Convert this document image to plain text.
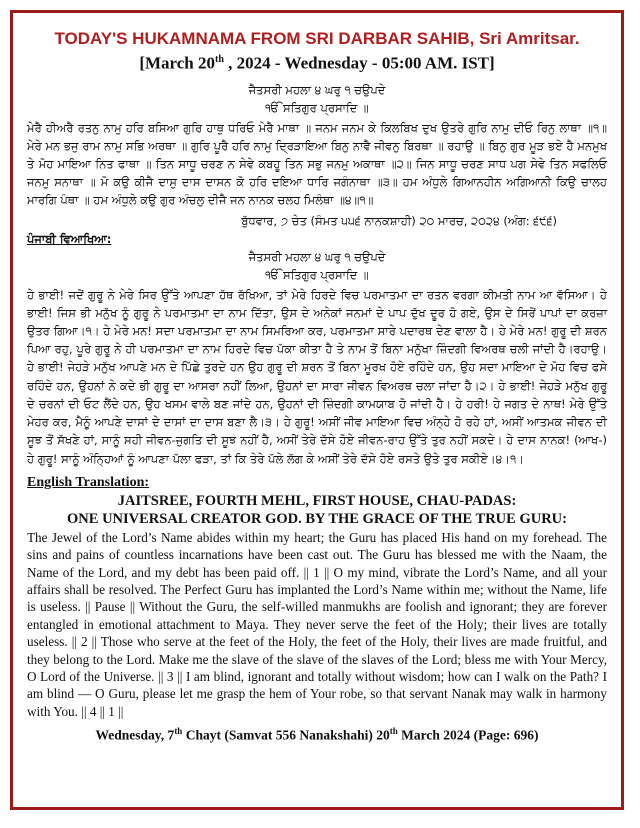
TODAY'S HUKAMNAMA FROM SRI DARBAR SAHIB, Sri Amritsar.
[March 20th , 2024 - Wednesday - 05:00 AM. IST]
ਜੈਤਸਰੀ ਮਹਲਾ ੪ ਘਰੁ ੧ ਚਉਪਦੇ
ੴ ਸਤਿਗੁਰ ਪ੍ਰਸਾਦਿ ॥
ਮੇਰੈ ਹੀਅਰੈ ਰਤਨੁ ਨਾਮੁ ਹਰਿ ਬਸਿਆ ਗੁਰਿ ਹਾਥੁ ਧਰਿਓ ਮੇਰੈ ਮਾਥਾ ॥ ਜਨਮ ਜਨਮ ਕੇ ਕਿਲਬਿਖ ਦੁਖ ਉਤਰੇ ਗੁਰਿ ਨਾਮੁ ਦੀਓ ਰਿਨੁ ਲਾਥਾ ॥੧॥ ਮੇਰੇ ਮਨ ਭਜੁ ਰਾਮ ਨਾਮੁ ਸਭਿ ਅਰਥਾ ॥ ਗੁਰਿ ਪੂਰੈ ਹਰਿ ਨਾਮੁ ਦ੍ਰਿੜਾਇਆ ਬਿਨੁ ਨਾਵੈ ਜੀਵਨੁ ਬਿਰਥਾ ॥ ਰਹਾਉ ॥ ਬਿਨੁ ਗੁਰ ਮੂੜ ਭਏ ਹੈ ਮਨਮੁਖ ਤੇ ਮੋਹ ਮਾਇਆ ਨਿਤ ਫਾਥਾ ॥ ਤਿਨ ਸਾਧੂ ਚਰਣ ਨ ਸੇਵੇ ਕਬਹੂ ਤਿਨ ਸਭੁ ਜਨਮੁ ਅਕਾਥਾ ॥੨॥ ਜਿਨ ਸਾਧੂ ਚਰਣ ਸਾਧ ਪਗ ਸੇਵੇ ਤਿਨ ਸਫਲਿਓ ਜਨਮੁ ਸਨਾਥਾ ॥ ਮੋ ਕਉ ਕੀਜੈ ਦਾਸੁ ਦਾਸ ਦਾਸਨ ਕੋ ਹਰਿ ਦਇਆ ਧਾਰਿ ਜਗੰਨਾਥਾ ॥੩॥ ਹਮ ਅੰਧੁਲੇ ਗਿਆਨਹੀਨ ਅਗਿਆਨੀ ਕਿਉ ਚਾਲਹ ਮਾਰਗਿ ਪੰਥਾ ॥ ਹਮ ਅੰਧੁਲੇ ਕਉ ਗੁਰ ਅੰਚਲੁ ਦੀਜੈ ਜਨ ਨਾਨਕ ਚਲਹ ਮਿਲੰਥਾ ॥੪॥੧॥
ਬੁੱਧਵਾਰ, ੭ ਚੇਤ (ਸੰਮਤ ੫੫੬ ਨਾਨਕਸ਼ਾਹੀ) ੨੦ ਮਾਰਚ, ੨੦੨੪ (ਅੰਗ: ੬੯੬)
ਪੰਜਾਬੀ ਵਿਆਖਿਆ:
ਜੈਤਸਰੀ ਮਹਲਾ ੪ ਘਰੁ ੧ ਚਉਪਦੇ
ੴ ਸਤਿਗੁਰ ਪ੍ਰਸਾਦਿ ॥
ਹੇ ਭਾਈ! ਜਦੋਂ ਗੁਰੂ ਨੇ ਮੇਰੇ ਸਿਰ ਉੱਤੇ ਆਪਣਾ ਹੱਥ ਰੱਖਿਆ, ਤਾਂ ਮੇਰੇ ਹਿਰਦੇ ਵਿਚ ਪਰਮਾਤਮਾ ਦਾ ਰਤਨ ਵਰਗਾ ਕੀਮਤੀ ਨਾਮ ਆ ਵੱਸਿਆ। ਹੇ ਭਾਈ! ਜਿਸ ਭੀ ਮਨੁੱਖ ਨੂੰ ਗੁਰੂ ਨੇ ਪਰਮਾਤਮਾ ਦਾ ਨਾਮ ਦਿੱਤਾ, ਉਸ ਦੇ ਅਨੇਕਾਂ ਜਨਮਾਂ ਦੇ ਪਾਪ ਦੁੱਖ ਦੂਰ ਹੋ ਗਏ, ਉਸ ਦੇ ਸਿਰੋਂ ਪਾਪਾਂ ਦਾ ਕਰਜ਼ਾ ਉਤਰ ਗਿਆ।੧। ਹੇ ਮੇਰੇ ਮਨ! ਸਦਾ ਪਰਮਾਤਮਾ ਦਾ ਨਾਮ ਸਿਮਰਿਆ ਕਰ, ਪਰਮਾਤਮਾ ਸਾਰੇ ਪਦਾਰਥ ਦੇਣ ਵਾਲਾ ਹੈ। ਹੇ ਮੇਰੇ ਮਨ! ਗੁਰੂ ਦੀ ਸ਼ਰਨ ਪਿਆ ਰਹੁ, ਪੂਰੇ ਗੁਰੂ ਨੇ ਹੀ ਪਰਮਾਤਮਾ ਦਾ ਨਾਮ ਹਿਰਦੇ ਵਿਚ ਪੱਕਾ ਕੀਤਾ ਹੈ ਤੇ ਨਾਮ ਤੋਂ ਬਿਨਾ ਮਨੁੱਖਾ ਜ਼ਿੰਦਗੀ ਵਿਅਰਥ ਚਲੀ ਜਾਂਦੀ ਹੈ।ਰਹਾਉ। ਹੇ ਭਾਈ! ਜੇਹੜੇ ਮਨੁੱਖ ਆਪਣੇ ਮਨ ਦੇ ਪਿੱਛੇ ਤੁਰਦੇ ਹਨ ਉਹ ਗੁਰੂ ਦੀ ਸ਼ਰਨ ਤੋਂ ਬਿਨਾ ਮੂਰਖ ਹੋਏ ਰਹਿੰਦੇ ਹਨ, ਉਹ ਸਦਾ ਮਾਇਆ ਦੇ ਮੋਹ ਵਿਚ ਫਸੇ ਰਹਿੰਦੇ ਹਨ, ਉਹਨਾਂ ਨੇ ਕਦੇ ਭੀ ਗੁਰੂ ਦਾ ਆਸਰਾ ਨਹੀਂ ਲਿਆ, ਉਹਨਾਂ ਦਾ ਸਾਰਾ ਜੀਵਨ ਵਿਅਰਥ ਚਲਾ ਜਾਂਦਾ ਹੈ।੨। ਹੇ ਭਾਈ! ਜੇਹੜੇ ਮਨੁੱਖ ਗੁਰੂ ਦੇ ਚਰਨਾਂ ਦੀ ਓਟ ਲੈਂਦੇ ਹਨ, ਉਹ ਖਸਮ ਵਾਲੇ ਬਣ ਜਾਂਦੇ ਹਨ, ਉਹਨਾਂ ਦੀ ਜ਼ਿੰਦਗੀ ਕਾਮਯਾਬ ਹੋ ਜਾਂਦੀ ਹੈ। ਹੇ ਹਰੀ! ਹੇ ਜਗਤ ਦੇ ਨਾਥ! ਮੇਰੇ ਉੱਤੇ ਮੇਹਰ ਕਰ, ਮੈਨੂੰ ਆਪਣੇ ਦਾਸਾਂ ਦੇ ਦਾਸਾਂ ਦਾ ਦਾਸ ਬਣਾ ਲੈ।੩। ਹੇ ਗੁਰੂ! ਅਸੀਂ ਜੀਵ ਮਾਇਆ ਵਿਚ ਅੰਨ੍ਹੇ ਹੋ ਰਹੇ ਹਾਂ, ਅਸੀਂ ਆਤਮਕ ਜੀਵਨ ਦੀ ਸੂਝ ਤੋਂ ਸੱਖਣੇ ਹਾਂ, ਸਾਨੂੰ ਸਹੀ ਜੀਵਨ-ਜੁਗਤਿ ਦੀ ਸੂਝ ਨਹੀਂ ਹੈ, ਅਸੀਂ ਤੇਰੇ ਦੱਸੇ ਹੋਏ ਜੀਵਨ-ਰਾਹ ਉੱਤੇ ਤੁਰ ਨਹੀਂ ਸਕਦੇ। ਹੇ ਦਾਸ ਨਾਨਕ! (ਆਖ-) ਹੇ ਗੁਰੂ! ਸਾਨੂੰ ਅੰਨ੍ਹਿਆਂ ਨੂੰ ਆਪਣਾ ਪੱਲਾ ਫੜਾ, ਤਾਂ ਕਿ ਤੇਰੇ ਪੱਲੇ ਲੱਗ ਕੇ ਅਸੀਂ ਤੇਰੇ ਦੱਸੇ ਹੋਏ ਰਸਤੇ ਉਤੇ ਤੁਰ ਸਕੀਏ।੪।੧।
English Translation:
JAITSREE, FOURTH MEHL, FIRST HOUSE, CHAU-PADAS:
ONE UNIVERSAL CREATOR GOD. BY THE GRACE OF THE TRUE GURU:
The Jewel of the Lord’s Name abides within my heart; the Guru has placed His hand on my forehead. The sins and pains of countless incarnations have been cast out. The Guru has blessed me with the Naam, the Name of the Lord, and my debt has been paid off. || 1 || O my mind, vibrate the Lord’s Name, and all your affairs shall be resolved. The Perfect Guru has implanted the Lord’s Name within me; without the Name, life is useless. || Pause || Without the Guru, the self-willed manmukhs are foolish and ignorant; they are forever entangled in emotional attachment to Maya. They never serve the feet of the Holy; their lives are totally useless. || 2 || Those who serve at the feet of the Holy, the feet of the Holy, their lives are made fruitful, and they belong to the Lord. Make me the slave of the slave of the slaves of the Lord; bless me with Your Mercy, O Lord of the Universe. || 3 || I am blind, ignorant and totally without wisdom; how can I walk on the Path? I am blind — O Guru, please let me grasp the hem of Your robe, so that servant Nanak may walk in harmony with You. || 4 || 1 ||
Wednesday, 7th Chayt (Samvat 556 Nanakshahi) 20th March 2024 (Page: 696)
